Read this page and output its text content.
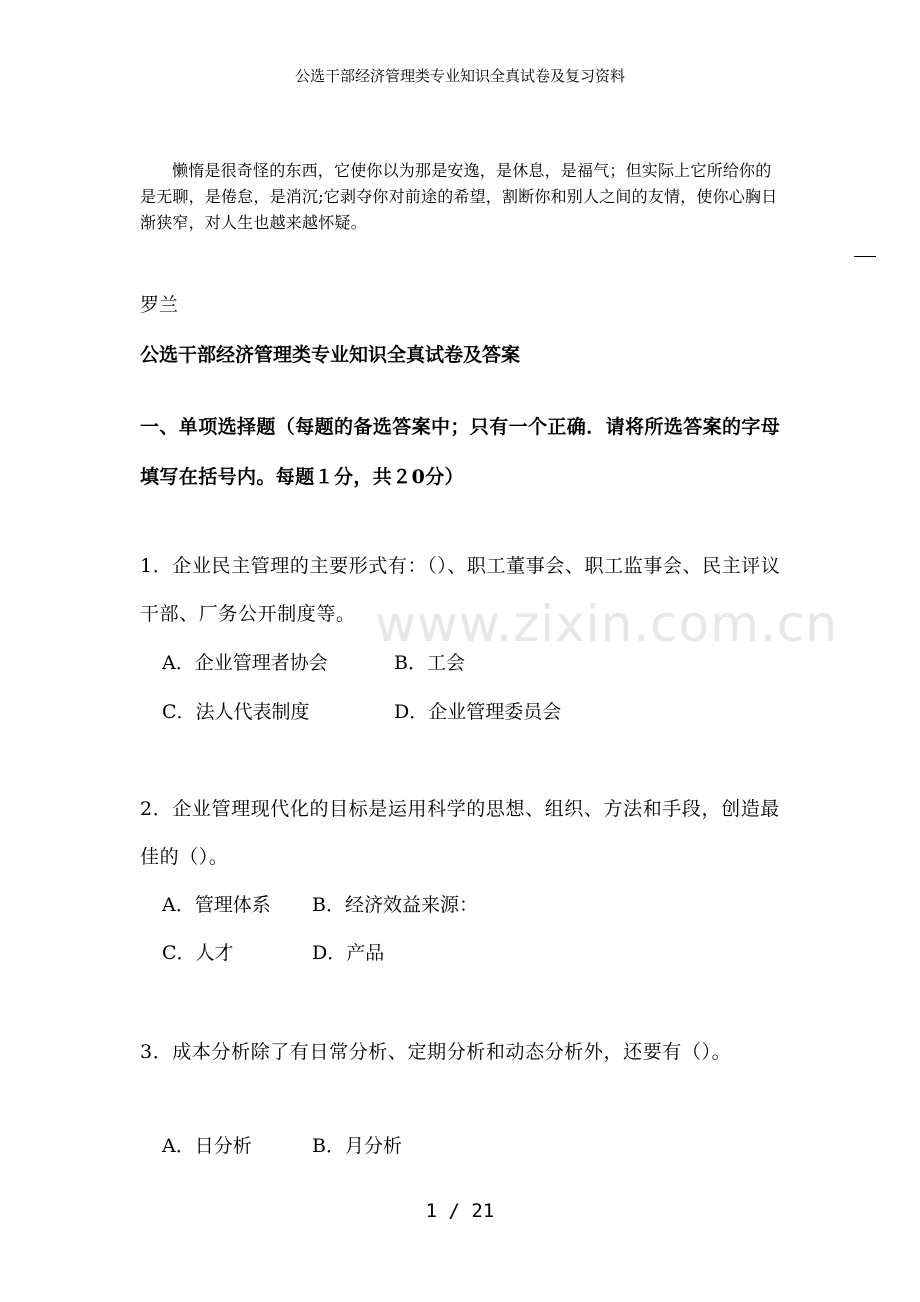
公选干部经济管理类专业知识全真试卷及复习资料

懒惰是很奇怪的东西，它使你以为那是安逸，是休息，是福气；但实际上它所给你的是无聊，是倦怠，是消沉;它剥夺你对前途的希望，割断你和别人之间的友情，使你心胸日渐狭窄，对人生也越来越怀疑。

罗兰
公选干部经济管理类专业知识全真试卷及答案
一、单项选择题（每题的备选答案中；只有一个正确．请将所选答案的字母填写在括号内。每题１分，共２0分）
1．企业民主管理的主要形式有：（）、职工董事会、职工监事会、民主评议干部、厂务公开制度等。
A．企业管理者协会	B．工会
C．法人代表制度	D．企业管理委员会
2．企业管理现代化的目标是运用科学的思想、组织、方法和手段，创造最佳的（）。
A．管理体系 B．经济效益来源：
C．人才	D．产品
3．成本分析除了有日常分析、定期分析和动态分析外，还要有（）。
A．日分析	B．月分析
www.zixin.com.cn
1 / 21
